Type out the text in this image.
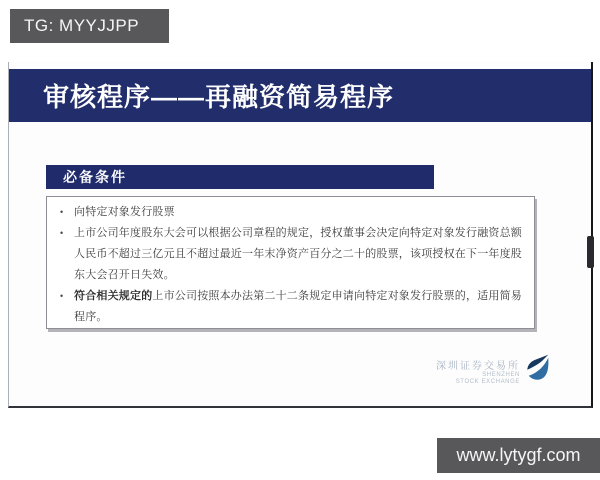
TG: MYYJJPP
审核程序——再融资简易程序
必备条件
• 向特定对象发行股票
• 上市公司年度股东大会可以根据公司章程的规定，授权董事会决定向特定对象发行融资总额人民币不超过三亿元且不超过最近一年末净资产百分之二十的股票，该项授权在下一年度股东大会召开日失效。
• 符合相关规定的上市公司按照本办法第二十二条规定申请向特定对象发行股票的，适用简易程序。
深圳证券交易所
SHENZHEN
STOCK EXCHANGE
www.lytygf.com
